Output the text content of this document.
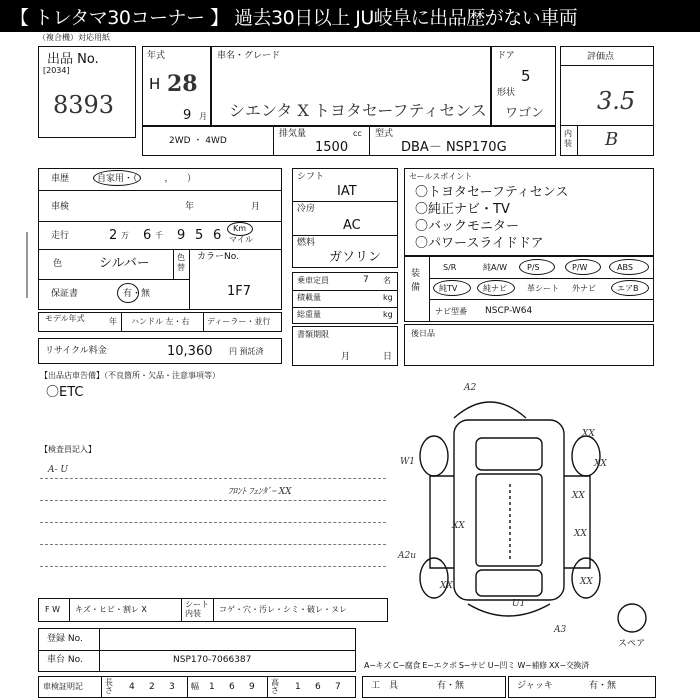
【 トレタマ30コーナー 】 過去30日以上 JU岐阜に出品歴がない車両
（複合機）対応用紙
出品 No.
[2034]
8393
年式
H 28
9 月
車名・グレード
シエンタ X トヨタセーフティセンス
ドア
5
形状
ワゴン
評価点
3.5
内装 B
2WD ・ 4WD
排気量	cc
1500
型式
DBA－ NSP170G
車歴	自家用・（　　　，　　）
車検	年	月
走行	2 万 6 千 9 5 6 Km
マイル
色	シルバー	色替
カラーNo.
1F7
保証書	有・無
モデル年式	年 ハンドル 左・右 ディーラー・並行
リサイクル料金	10,360 円 預託済
シフト
IAT
冷房
AC
燃料
ガソリン
乗車定員	7 名
積載量	kg
総重量	kg
書類期限
月	日
セールスポイント
〇トヨタセーフティセンス
〇純正ナビ・TV
〇バックモニター
〇パワースライドドア
装備
S/R	純A/W P/S	P/W	ABS
純TV	純ナビ	革シート 外ナビ	エアB
ナビ型番 NSCP-W64
後日品
【出品店車告備】（不良箇所・欠品・注意事項等）
〇ETC
【検査員記入】
A- U
ﾌﾛﾝﾄ ﾌｪﾝﾀﾞｰ XX
A2
XX
XX
XX
XX
XX	XX
A2u
XX
U1
A3
W1
スペア
F W キズ・ヒビ・割レ X
シート内装	コゲ・穴・汚レ・シミ・破レ・ヌレ
登録 No.
車台 No.	NSP170-7066387
A−キズ C−腐食 E−エクボ S−サビ U−凹ミ W−補修 XX−交換済
車検証明記	長さ 4 2 3 幅 1 6 9 高さ 1 6 7	工　具	有・無	ジャッキ	有・無
